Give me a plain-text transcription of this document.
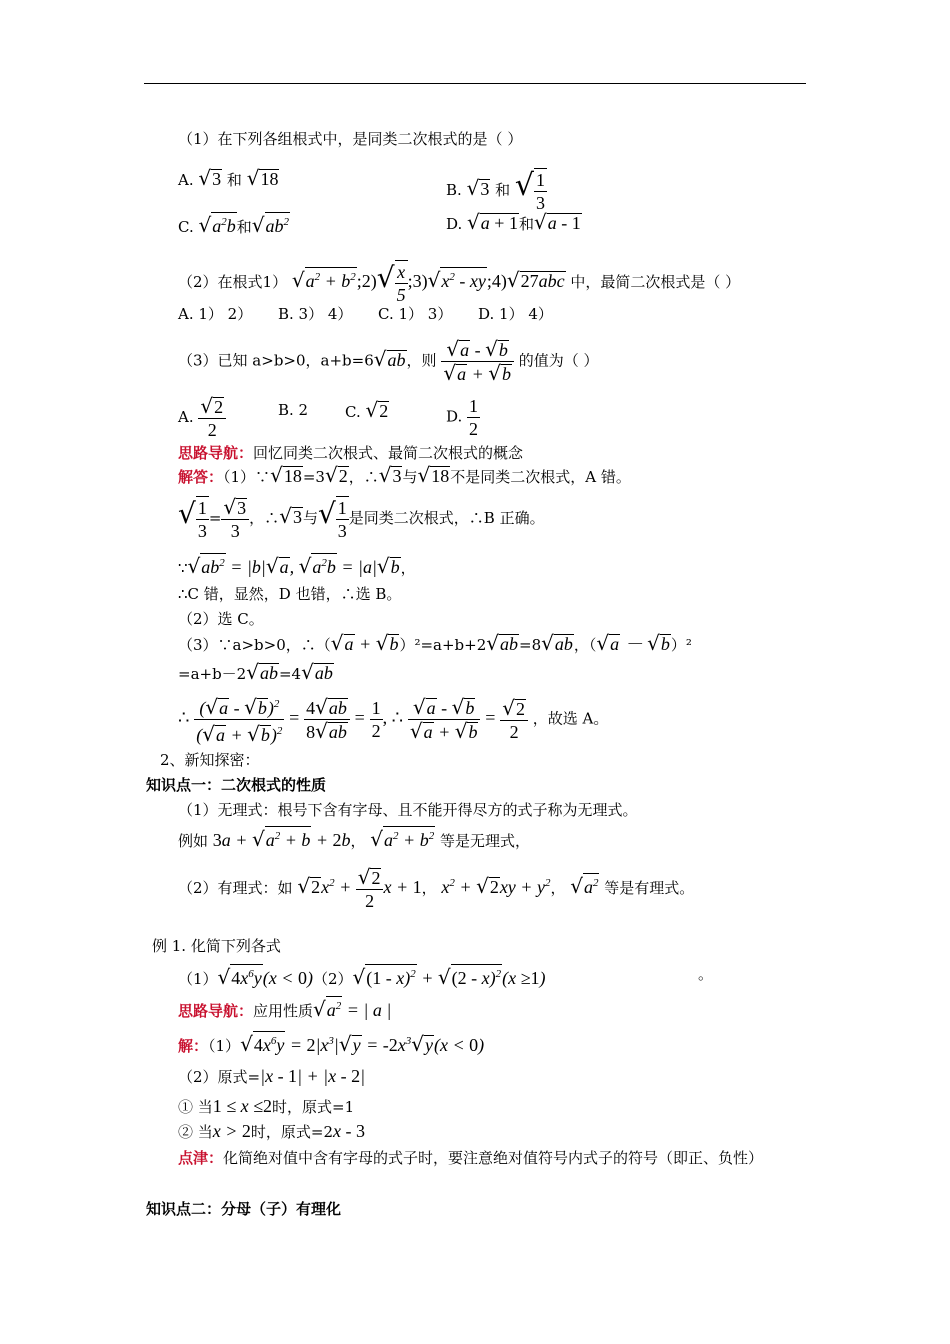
（1）在下列各组根式中，是同类二次根式的是（ ）
A. √3 和 √18
B. √3 和 √ $\frac{1}{3}$
C. $√a^2b$和$√ab^2$	D. √a + 1和√a - 1
（2）在根式1） $√a^2$ + $b^2;2)√ \frac{x}{5}$ $;3)√x^2$ - xy;4)√27abc 中，最简二次根式是（ ）
A. 1） 2） B. 3） 4） C. 1） 3） D. 1） 4）
（3）已知 a>b>0，a+b=6√ab，则 $\frac{√a - √b}{√a + √b}$ 的值为（ ）
A. $\frac{√2}{2}$	B. 2 C. √2	D. $\frac{1}{2}$
思路导航：回忆同类二次根式、最简二次根式的概念
解答：（1）∵√18=3√2，∴√3与√18不是同类二次根式，A 错。
√ $\frac{1}{3} = \frac{√3}{3}$ ，∴√3与√ $\frac{1}{3}$ 是同类二次根式，∴B 正确。
$\because√ab^2 = |b|√a$, $√a^2b = |a|√b$，
∴C 错，显然，D 也错，∴选 B。
（2）选 C。
（3）∵a>b>0，∴（√a + √b）²=a+b+2√ab=8√ab，（√a － √b）²
=a+b－2√ab=4√ab
∴ $\frac{(√a - √b)^2}{(√a + √b)^2} = \frac{4√ab}{8√ab} = \frac{1}{2}$ , ∴ $\frac{√a - √b}{√a + √b} = \frac{√2}{2}$ ，故选 A。
2、新知探密：
知识点一：二次根式的性质
（1）无理式：根号下含有字母、且不能开得尽方的式子称为无理式。
例如 $3a + √a^2 + b + 2b$， $√a^2 + b^2$ 等是无理式，
（2）有理式：如 $√2x^2 + \frac{√2}{2}$ x + 1， $x^2 + √2xy + y^2$， $√a^2$ 等是有理式。
例 1. 化简下列各式
$(1)√4x^6y(x < 0)(2)√(1 - x)^2 + √(2 - x)^2(x \ge 1)$	。
思路导航：应用性质$√a^2$ = | a |
解：$(1)√4x^6y = 2|x^3|√y = -2x^3√y(x < 0)$
（2）原式=|x - 1| + |x - 2|
① 当1 ≤ x ≤2时，原式=1
② 当x > 2时，原式=2x - 3
点津：化简绝对值中含有字母的式子时，要注意绝对值符号内式子的符号（即正、负性）
知识点二：分母（子）有理化
